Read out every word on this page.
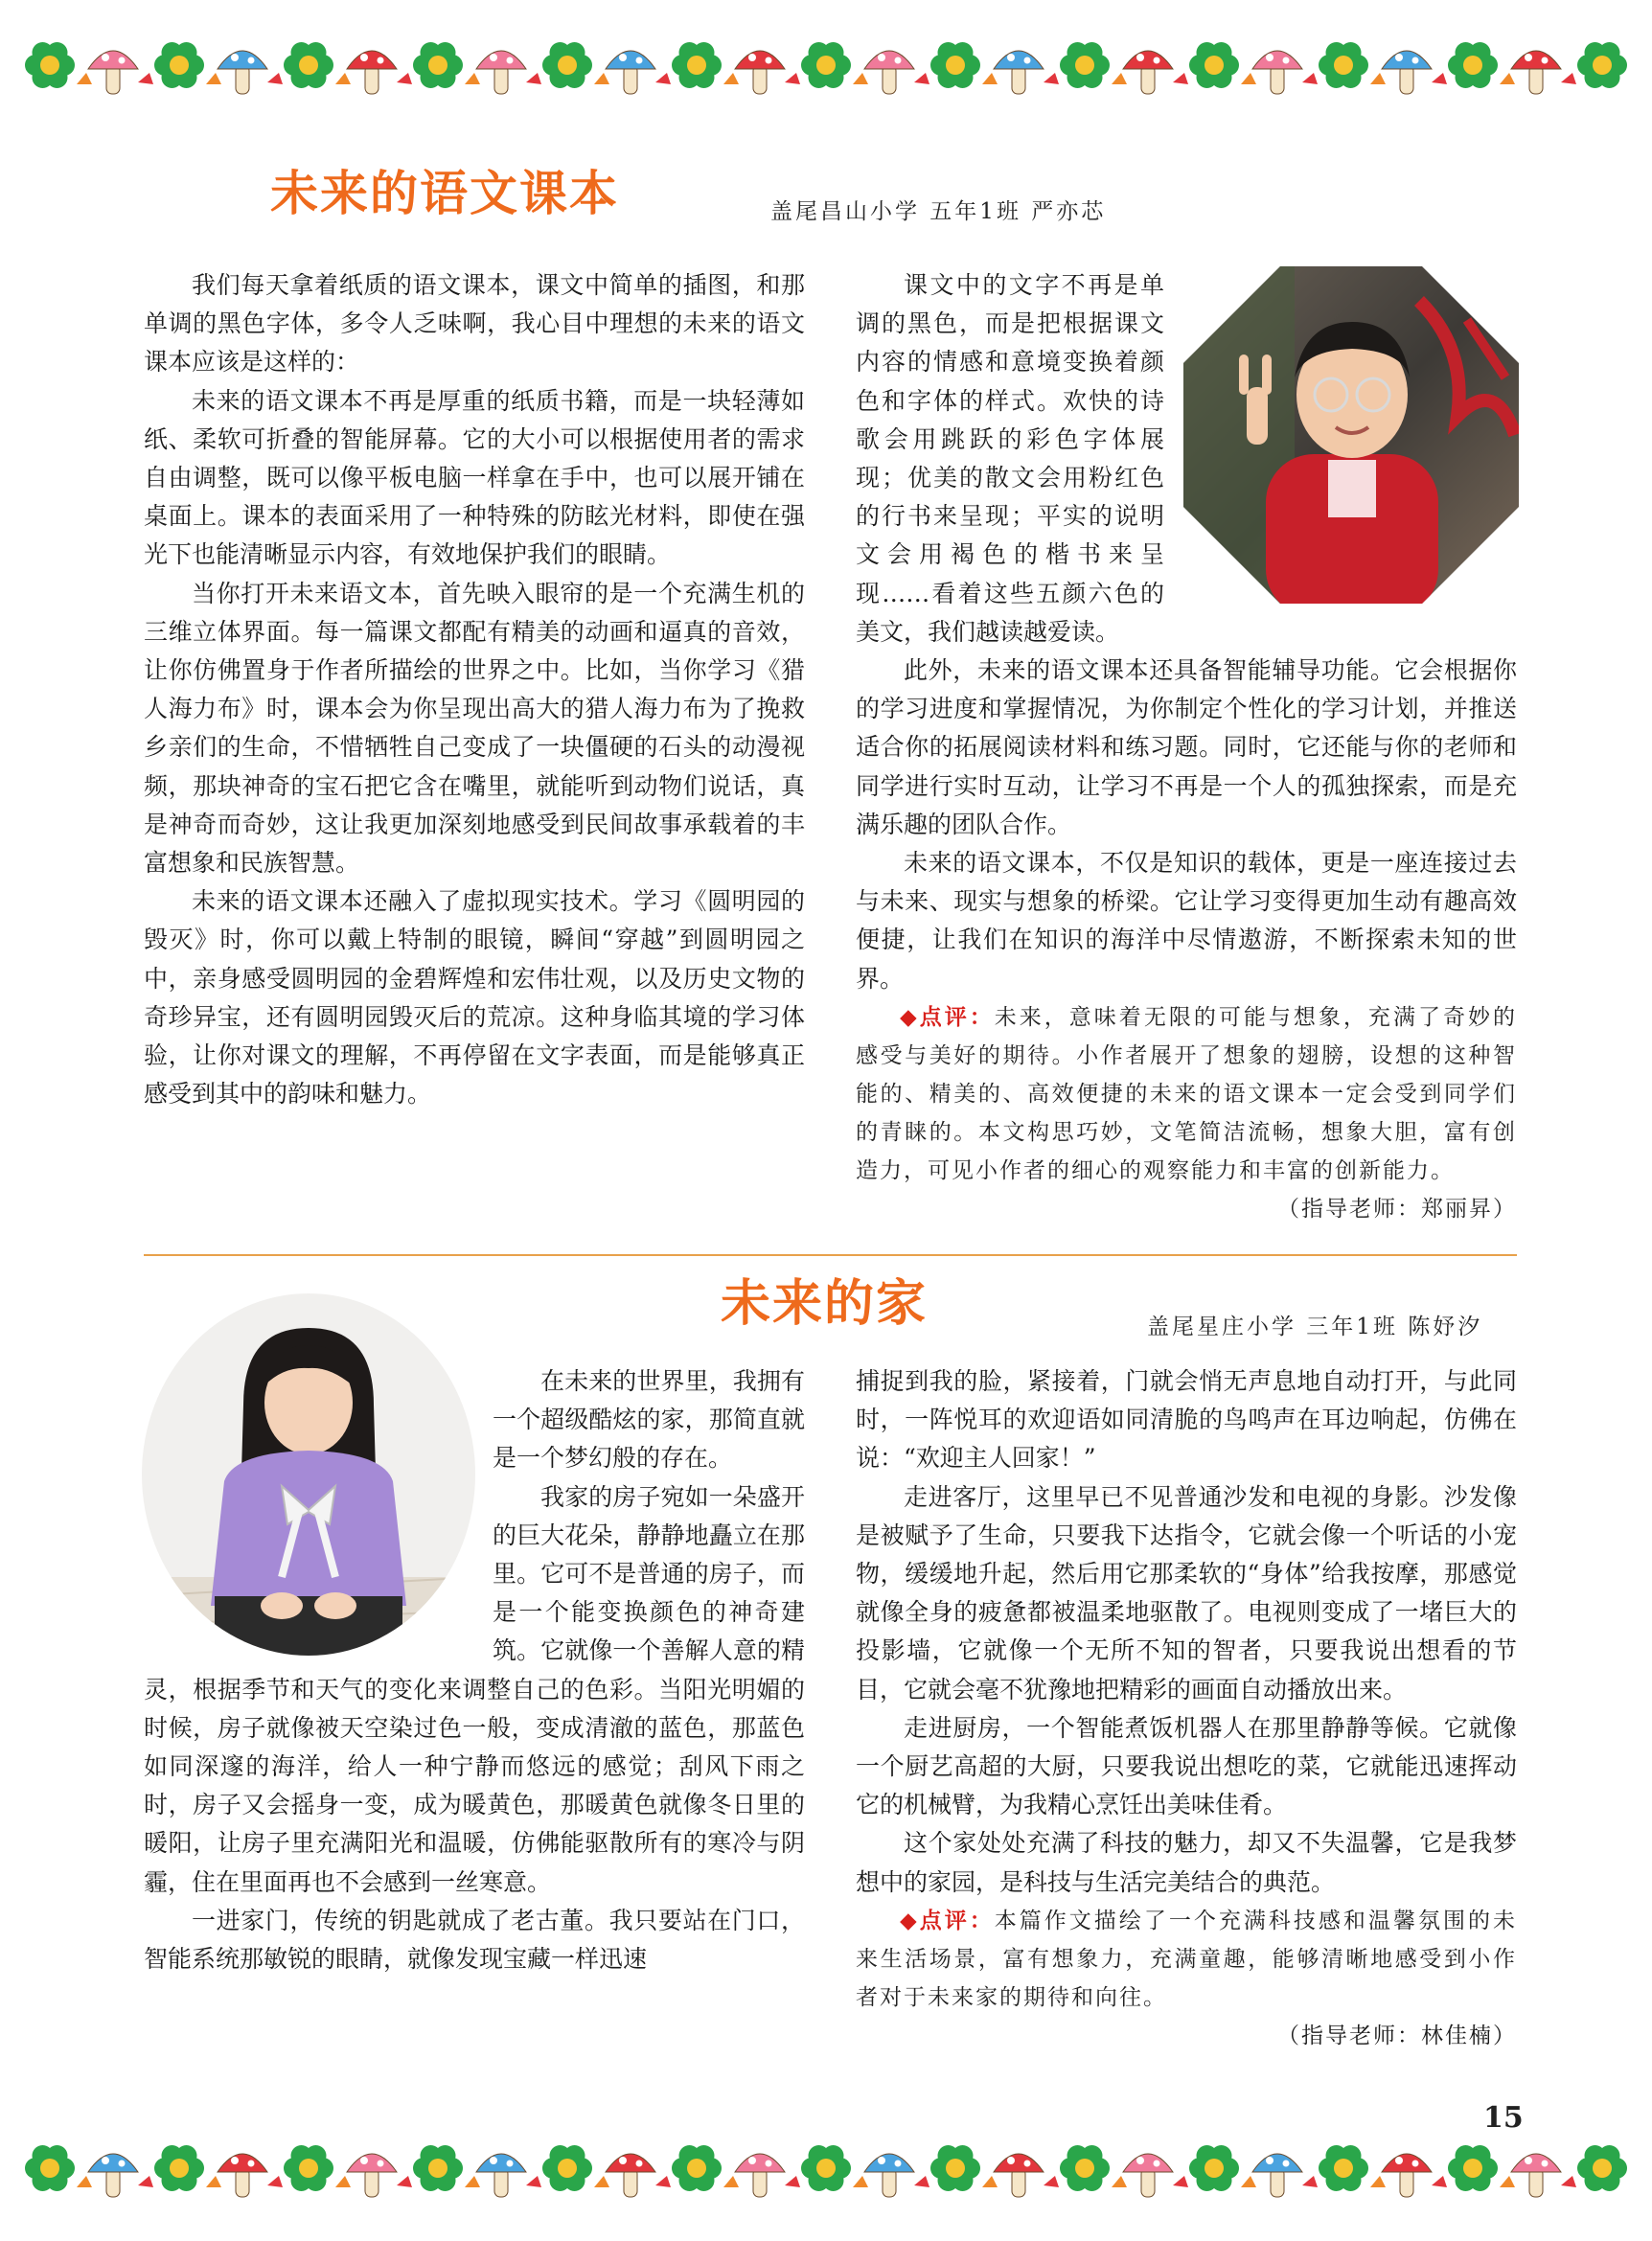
未来的语文课本	盖尾昌山小学 五年1班 严亦芯

我们每天拿着纸质的语文课本，课文中简单的插图，和那单调的黑色字体，多令人乏味啊，我心目中理想的未来的语文课本应该是这样的：

未来的语文课本不再是厚重的纸质书籍，而是一块轻薄如纸、柔软可折叠的智能屏幕。它的大小可以根据使用者的需求自由调整，既可以像平板电脑一样拿在手中，也可以展开铺在桌面上。课本的表面采用了一种特殊的防眩光材料，即使在强光下也能清晰显示内容，有效地保护我们的眼睛。

当你打开未来语文本，首先映入眼帘的是一个充满生机的三维立体界面。每一篇课文都配有精美的动画和逼真的音效，让你仿佛置身于作者所描绘的世界之中。比如，当你学习《猎人海力布》时，课本会为你呈现出高大的猎人海力布为了挽救乡亲们的生命，不惜牺牲自己变成了一块僵硬的石头的动漫视频，那块神奇的宝石把它含在嘴里，就能听到动物们说话，真是神奇而奇妙，这让我更加深刻地感受到民间故事承载着的丰富想象和民族智慧。

未来的语文课本还融入了虚拟现实技术。学习《圆明园的毁灭》时，你可以戴上特制的眼镜，瞬间“穿越”到圆明园之中，亲身感受圆明园的金碧辉煌和宏伟壮观，以及历史文物的奇珍异宝，还有圆明园毁灭后的荒凉。这种身临其境的学习体验，让你对课文的理解，不再停留在文字表面，而是能够真正感受到其中的韵味和魅力。

课文中的文字不再是单调的黑色，而是把根据课文内容的情感和意境变换着颜色和字体的样式。欢快的诗歌会用跳跃的彩色字体展现；优美的散文会用粉红色的行书来呈现；平实的说明文会用褐色的楷书来呈现……看着这些五颜六色的美文，我们越读越爱读。

此外，未来的语文课本还具备智能辅导功能。它会根据你的学习进度和掌握情况，为你制定个性化的学习计划，并推送适合你的拓展阅读材料和练习题。同时，它还能与你的老师和同学进行实时互动，让学习不再是一个人的孤独探索，而是充满乐趣的团队合作。

未来的语文课本，不仅是知识的载体，更是一座连接过去与未来、现实与想象的桥梁。它让学习变得更加生动有趣高效便捷，让我们在知识的海洋中尽情遨游，不断探索未知的世界。

◆点评：未来，意味着无限的可能与想象，充满了奇妙的感受与美好的期待。小作者展开了想象的翅膀，设想的这种智能的、精美的、高效便捷的未来的语文课本一定会受到同学们的青睐的。本文构思巧妙，文笔简洁流畅，想象大胆，富有创造力，可见小作者的细心的观察能力和丰富的创新能力。
（指导老师：郑丽昇）

未来的家	盖尾星庄小学 三年1班 陈妤汐

在未来的世界里，我拥有一个超级酷炫的家，那简直就是一个梦幻般的存在。

我家的房子宛如一朵盛开的巨大花朵，静静地矗立在那里。它可不是普通的房子，而是一个能变换颜色的神奇建筑。它就像一个善解人意的精灵，根据季节和天气的变化来调整自己的色彩。当阳光明媚的时候，房子就像被天空染过色一般，变成清澈的蓝色，那蓝色如同深邃的海洋，给人一种宁静而悠远的感觉；刮风下雨之时，房子又会摇身一变，成为暖黄色，那暖黄色就像冬日里的暖阳，让房子里充满阳光和温暖，仿佛能驱散所有的寒冷与阴霾，住在里面再也不会感到一丝寒意。

一进家门，传统的钥匙就成了老古董。我只要站在门口，智能系统那敏锐的眼睛，就像发现宝藏一样迅速

捕捉到我的脸，紧接着，门就会悄无声息地自动打开，与此同时，一阵悦耳的欢迎语如同清脆的鸟鸣声在耳边响起，仿佛在说：“欢迎主人回家！”

走进客厅，这里早已不见普通沙发和电视的身影。沙发像是被赋予了生命，只要我下达指令，它就会像一个听话的小宠物，缓缓地升起，然后用它那柔软的“身体”给我按摩，那感觉就像全身的疲惫都被温柔地驱散了。电视则变成了一堵巨大的投影墙，它就像一个无所不知的智者，只要我说出想看的节目，它就会毫不犹豫地把精彩的画面自动播放出来。

走进厨房，一个智能煮饭机器人在那里静静等候。它就像一个厨艺高超的大厨，只要我说出想吃的菜，它就能迅速挥动它的机械臂，为我精心烹饪出美味佳肴。

这个家处处充满了科技的魅力，却又不失温馨，它是我梦想中的家园，是科技与生活完美结合的典范。

◆点评：本篇作文描绘了一个充满科技感和温馨氛围的未来生活场景，富有想象力，充满童趣，能够清晰地感受到小作者对于未来家的期待和向往。

（指导老师：林佳楠）
15
